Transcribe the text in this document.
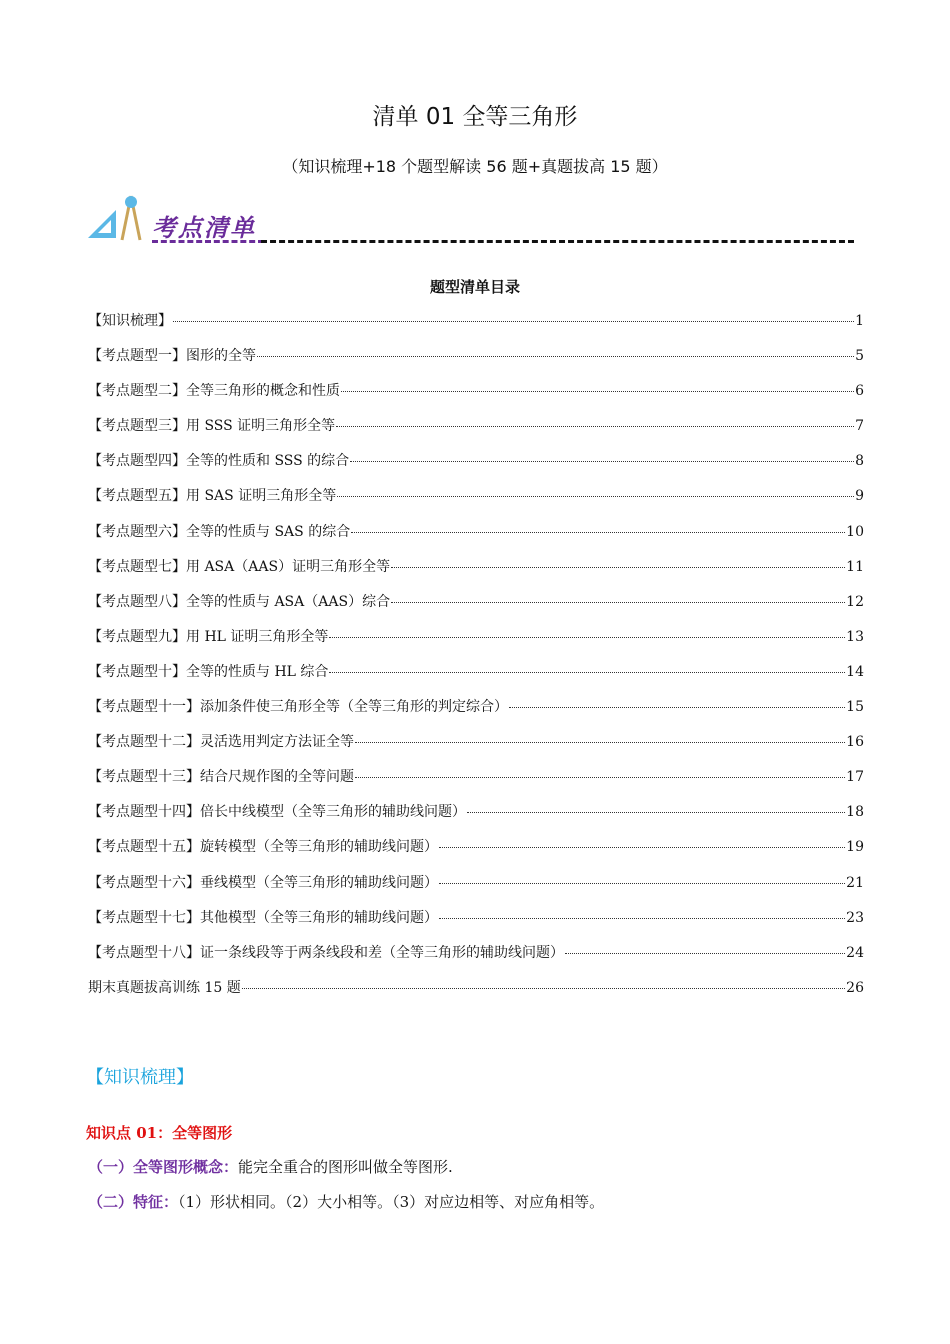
清单 01 全等三角形
（知识梳理+18 个题型解读 56 题+真题拔高 15 题）
考点清单
题型清单目录
【知识梳理】	1
【考点题型一】图形的全等	5
【考点题型二】全等三角形的概念和性质	6
【考点题型三】用 SSS 证明三角形全等	7
【考点题型四】全等的性质和 SSS 的综合	8
【考点题型五】用 SAS 证明三角形全等	9
【考点题型六】全等的性质与 SAS 的综合	10
【考点题型七】用 ASA（AAS）证明三角形全等	11
【考点题型八】全等的性质与 ASA（AAS）综合	12
【考点题型九】用 HL 证明三角形全等	13
【考点题型十】全等的性质与 HL 综合	14
【考点题型十一】添加条件使三角形全等（全等三角形的判定综合）	15
【考点题型十二】灵活选用判定方法证全等	16
【考点题型十三】结合尺规作图的全等问题	17
【考点题型十四】倍长中线模型（全等三角形的辅助线问题）	18
【考点题型十五】旋转模型（全等三角形的辅助线问题）	19
【考点题型十六】垂线模型（全等三角形的辅助线问题）	21
【考点题型十七】其他模型（全等三角形的辅助线问题）	23
【考点题型十八】证一条线段等于两条线段和差（全等三角形的辅助线问题）	24
期末真题拔高训练 15 题	26
【知识梳理】
知识点 01：全等图形
（一）全等图形概念：能完全重合的图形叫做全等图形.
（二）特征：（1）形状相同。（2）大小相等。（3）对应边相等、对应角相等。
